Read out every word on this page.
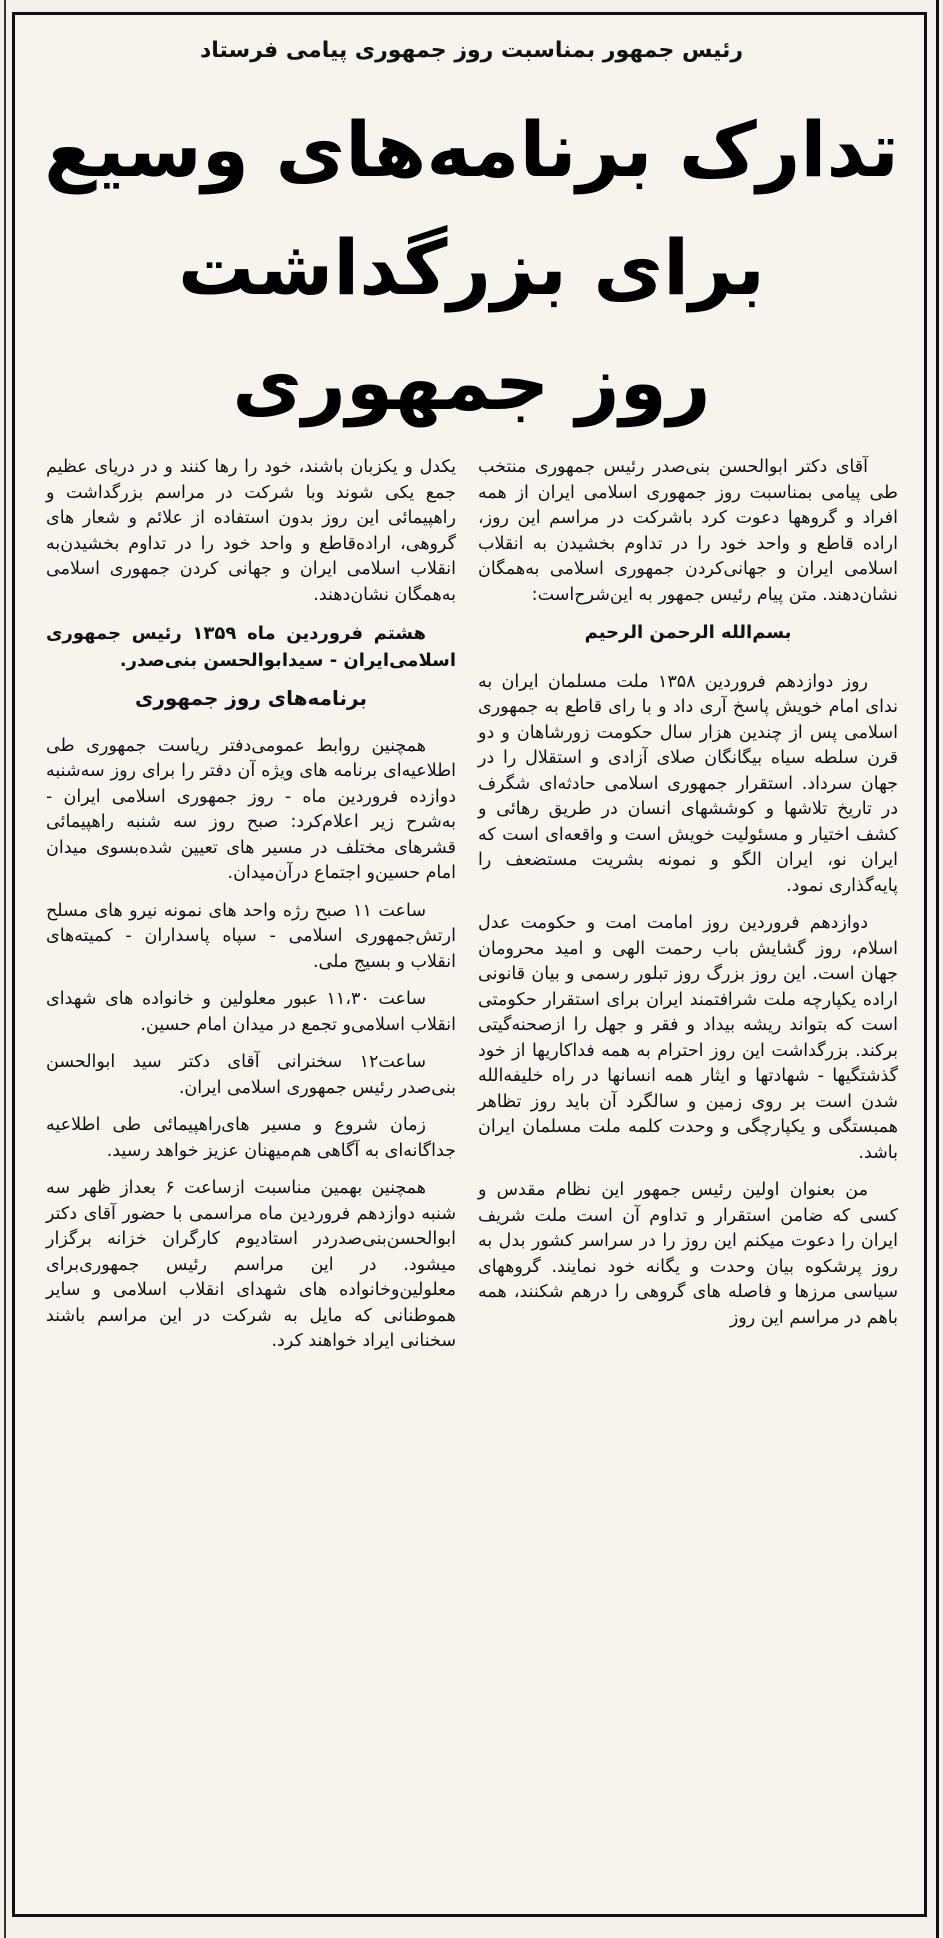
رئیس جمهور بمناسبت روز جمهوری پیامی فرستاد
تدارک برنامه‌های وسیع
برای بزرگداشت
روز جمهوری

آقای دکتر ابوالحسن بنی‌صدر رئیس جمهوری منتخب طی پیامی بمناسبت روز جمهوری اسلامی ایران از همه افراد و گروهها دعوت کرد باشرکت در مراسم این روز، اراده قاطع و واحد خود را در تداوم بخشیدن به انقلاب اسلامی ایران و جهانی‌کردن جمهوری اسلامی به‌همگان نشان‌دهند. متن پیام رئیس جمهور به این‌شرح‌است:

بسم‌الله الرحمن الرحیم

روز دوازدهم فروردین ۱۳۵۸ ملت مسلمان ایران به ندای امام خویش پاسخ آری داد و با رای قاطع به جمهوری اسلامی پس از چندین هزار سال حکومت زورشاهان و دو قرن سلطه سیاه بیگانگان صلای آزادی و استقلال را در جهان سرداد. استقرار جمهوری اسلامی حادثه‌ای شگرف در تاریخ تلاشها و کوششهای انسان در طریق رهائی و کشف اختیار و مسئولیت خویش است و واقعه‌ای است که ایران نو، ایران الگو و نمونه بشریت مستضعف را پایه‌گذاری نمود.

دوازدهم فروردین روز امامت امت و حکومت عدل اسلام، روز گشایش باب رحمت الهی و امید محرومان جهان است. این روز بزرگ روز تبلور رسمی و بیان قانونی اراده یکپارچه ملت شرافتمند ایران برای استقرار حکومتی است که بتواند ریشه بیداد و فقر و جهل را ازصحنه‌گیتی برکند. بزرگداشت این روز احترام به همه فداکاریها از خود گذشتگیها - شهادتها و ایثار همه انسانها در راه خلیفه‌الله شدن است بر روی زمین و سالگرد آن باید روز تظاهر همبستگی و یکپارچگی و وحدت کلمه ملت مسلمان ایران باشد.

من بعنوان اولین رئیس جمهور این نظام مقدس و کسی که ضامن استقرار و تداوم آن است ملت شریف ایران را دعوت میکنم این روز را در سراسر کشور بدل به روز پرشکوه بیان وحدت و یگانه خود نمایند. گروههای سیاسی مرزها و فاصله های گروهی را درهم شکنند، همه باهم در مراسم این روز

یکدل و یکزبان باشند، خود را رها کنند و در دریای عظیم جمع یکی شوند وبا شرکت در مراسم بزرگداشت و راهپیمائی این روز بدون استفاده از علائم و شعار های گروهی، اراده‌قاطع و واحد خود را در تداوم بخشیدن‌به انقلاب اسلامی ایران و جهانی کردن جمهوری اسلامی به‌همگان نشان‌دهند.

هشتم فروردین ماه ۱۳۵۹ رئیس جمهوری اسلامی‌ایران - سیدابوالحسن بنی‌صدر.

برنامه‌های روز جمهوری

همچنین روابط عمومی‌دفتر ریاست جمهوری طی اطلاعیه‌ای برنامه های ویژه آن دفتر را برای روز سه‌شنبه دوازده فروردین ماه - روز جمهوری اسلامی ایران - به‌شرح زیر اعلام‌کرد: صبح روز سه شنبه راهپیمائی قشرهای مختلف در مسیر های تعیین شده‌بسوی میدان امام حسین‌و اجتماع درآن‌میدان.

ساعت ۱۱ صبح رژه واحد های نمونه نیرو های مسلح ارتش‌جمهوری اسلامی - سپاه پاسداران - کمیته‌های انقلاب و بسیج ملی.

ساعت ۱۱،۳۰ عبور معلولین و خانواده های شهدای انقلاب اسلامی‌و تجمع در میدان امام حسین.

ساعت۱۲ سخنرانی آقای دکتر سید ابوالحسن بنی‌صدر رئیس جمهوری اسلامی ایران.

زمان شروع و مسیر های‌راهپیمائی طی اطلاعیه جداگانه‌ای به آگاهی هم‌میهنان عزیز خواهد رسید.

همچنین بهمین مناسبت ازساعت ۶ بعداز ظهر سه شنبه دوازدهم فروردین ماه مراسمی با حضور آقای دکتر ابوالحسن‌بنی‌صدردر استادیوم کارگران خزانه برگزار میشود. در این مراسم رئیس جمهوری‌برای معلولین‌وخانواده های شهدای انقلاب اسلامی و سایر هموطنانی که مایل به شرکت در این مراسم باشند سخنانی ایراد خواهند کرد.
